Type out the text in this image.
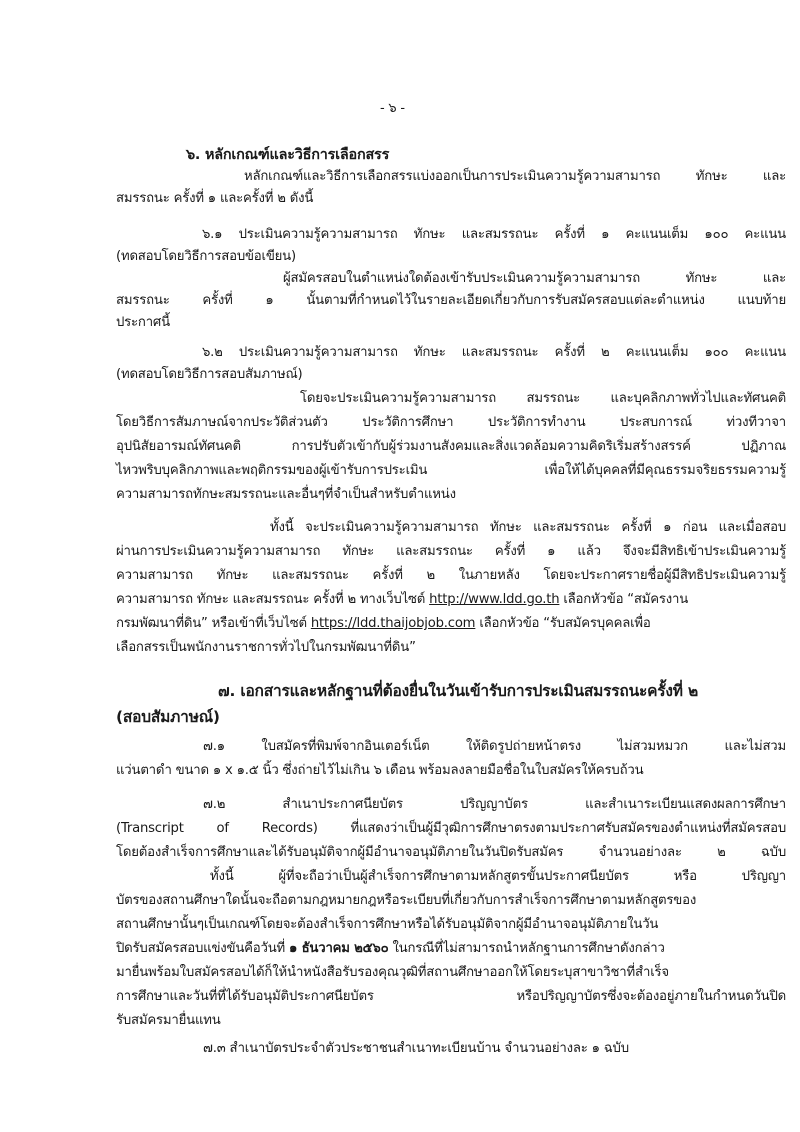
- ๖ -
๖. หลักเกณฑ์และวิธีการเลือกสรร
หลักเกณฑ์และวิธีการเลือกสรรแบ่งออกเป็นการประเมินความรู้ความสามารถ ทักษะ และ
สมรรถนะ ครั้งที่ ๑ และครั้งที่ ๒ ดังนี้
๖.๑ ประเมินความรู้ความสามารถ ทักษะ และสมรรถนะ ครั้งที่ ๑ คะแนนเต็ม ๑๐๐ คะแนน
(ทดสอบโดยวิธีการสอบข้อเขียน)
ผู้สมัครสอบในตำแหน่งใดต้องเข้ารับประเมินความรู้ความสามารถ ทักษะ และ
สมรรถนะ ครั้งที่ ๑ นั้นตามที่กำหนดไว้ในรายละเอียดเกี่ยวกับการรับสมัครสอบแต่ละตำแหน่ง แนบท้าย
ประกาศนี้
๖.๒ ประเมินความรู้ความสามารถ ทักษะ และสมรรถนะ ครั้งที่ ๒ คะแนนเต็ม ๑๐๐ คะแนน
(ทดสอบโดยวิธีการสอบสัมภาษณ์)
โดยจะประเมินความรู้ความสามารถ สมรรถนะ และบุคลิกภาพทั่วไปและทัศนคติ
โดยวิธีการสัมภาษณ์จากประวัติส่วนตัว ประวัติการศึกษา ประวัติการทำงาน ประสบการณ์ ท่วงทีวาจา
อุปนิสัยอารมณ์ทัศนคติ การปรับตัวเข้ากับผู้ร่วมงานสังคมและสิ่งแวดล้อมความคิดริเริ่มสร้างสรรค์ ปฏิภาณ
ไหวพริบบุคลิกภาพและพฤติกรรมของผู้เข้ารับการประเมิน เพื่อให้ได้บุคคลที่มีคุณธรรมจริยธรรมความรู้
ความสามารถทักษะสมรรถนะและอื่นๆที่จำเป็นสำหรับตำแหน่ง
ทั้งนี้ จะประเมินความรู้ความสามารถ ทักษะ และสมรรถนะ ครั้งที่ ๑ ก่อน และเมื่อสอบ
ผ่านการประเมินความรู้ความสามารถ ทักษะ และสมรรถนะ ครั้งที่ ๑ แล้ว จึงจะมีสิทธิเข้าประเมินความรู้
ความสามารถ ทักษะ และสมรรถนะ ครั้งที่ ๒ ในภายหลัง โดยจะประกาศรายชื่อผู้มีสิทธิประเมินความรู้
ความสามารถ ทักษะ และสมรรถนะ ครั้งที่ ๒ ทางเว็บไซต์ http://www.ldd.go.th เลือกหัวข้อ “สมัครงาน
กรมพัฒนาที่ดิน” หรือเข้าที่เว็บไซต์ https://ldd.thaijobjob.com เลือกหัวข้อ “รับสมัครบุคคลเพื่อ
เลือกสรรเป็นพนักงานราชการทั่วไปในกรมพัฒนาที่ดิน”
๗. เอกสารและหลักฐานที่ต้องยื่นในวันเข้ารับการประเมินสมรรถนะครั้งที่ ๒
(สอบสัมภาษณ์)
๗.๑ ใบสมัครที่พิมพ์จากอินเตอร์เน็ต ให้ติดรูปถ่ายหน้าตรง ไม่สวมหมวก และไม่สวม
แว่นตาดำ ขนาด ๑ x ๑.๕ นิ้ว ซึ่งถ่ายไว้ไม่เกิน ๖ เดือน พร้อมลงลายมือชื่อในใบสมัครให้ครบถ้วน
๗.๒ สำเนาประกาศนียบัตร ปริญญาบัตร และสำเนาระเบียนแสดงผลการศึกษา
(Transcript of Records) ที่แสดงว่าเป็นผู้มีวุฒิการศึกษาตรงตามประกาศรับสมัครของตำแหน่งที่สมัครสอบ
โดยต้องสำเร็จการศึกษาและได้รับอนุมัติจากผู้มีอำนาจอนุมัติภายในวันปิดรับสมัคร จำนวนอย่างละ ๒ ฉบับ
ทั้งนี้ ผู้ที่จะถือว่าเป็นผู้สำเร็จการศึกษาตามหลักสูตรขั้นประกาศนียบัตร หรือ ปริญญา
บัตรของสถานศึกษาใดนั้นจะถือตามกฎหมายกฎหรือระเบียบที่เกี่ยวกับการสำเร็จการศึกษาตามหลักสูตรของ
สถานศึกษานั้นๆเป็นเกณฑ์โดยจะต้องสำเร็จการศึกษาหรือได้รับอนุมัติจากผู้มีอำนาจอนุมัติภายในวัน
ปิดรับสมัครสอบแข่งขันคือวันที่ ๑ ธันวาคม ๒๕๖๐ ในกรณีที่ไม่สามารถนำหลักฐานการศึกษาดังกล่าว
มายื่นพร้อมใบสมัครสอบได้ก็ให้นำหนังสือรับรองคุณวุฒิที่สถานศึกษาออกให้โดยระบุสาขาวิชาที่สำเร็จ
การศึกษาและวันที่ที่ได้รับอนุมัติประกาศนียบัตร หรือปริญญาบัตรซึ่งจะต้องอยู่ภายในกำหนดวันปิด
รับสมัครมายื่นแทน
๗.๓ สำเนาบัตรประจำตัวประชาชนสำเนาทะเบียนบ้าน จำนวนอย่างละ ๑ ฉบับ
